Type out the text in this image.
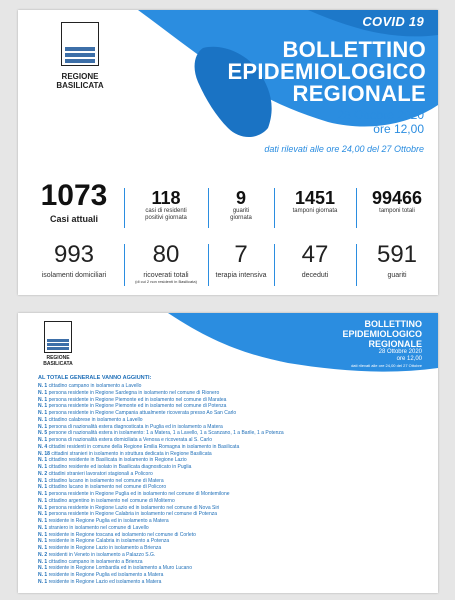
REGIONE
BASILICATA
COVID 19
BOLLETTINO
EPIDEMIOLOGICO
REGIONALE
28 Ottobre 2020
ore 12,00
dati rilevati alle ore 24,00 del 27 Ottobre
1073
Casi attuali
118
casi di residenti
positivi giornata
9
guariti
giornata
1451
tamponi giornata
99466
tamponi totali
993
isolamenti domiciliari
80
ricoverati totali
(di cui 2 non residenti in Basilicata)
7
terapia intensiva
47
deceduti
591
guariti
REGIONE
BASILICATA
BOLLETTINO
EPIDEMIOLOGICO
REGIONALE
28 Ottobre 2020
ore 12,00
dati rilevati alle ore 24,00 del 27 Ottobre
AL TOTALE GENERALE VANNO AGGIUNTI:
N. 1 cittadino campano in isolamento a Lavello
N. 1 persona residente in Regione Sardegna in isolamento nel comune di Rionero
N. 1 persona residente in Regione Piemonte ed in isolamento nel comune di Maratea
N. 1 persona residente in Regione Piemonte ed in isolamento nel comune di Potenza
N. 1 persona residente in Regione Campania attualmente ricoverata presso Ao San Carlo
N. 1 cittadino calabrese in isolamento a Lavello
N. 1 persona di nazionalità estera diagnosticata in Puglia ed in isolamento a Matera
N. 5 persone di nazionalità estera in isolamento: 1 a Matera, 1 a Lavello, 1 a Scanzano, 1 a Barile, 1 a Potenza
N. 1 persona di nazionalità estera domiciliata a Venosa e ricoverata al S. Carlo
N. 4 cittadini residenti in comune della Regione Emilia Romagna in isolamento in Basilicata
N. 18 cittadini stranieri in isolamento in struttura dedicata in Regione Basilicata
N. 1 cittadino residente in Basilicata in isolamento in Regione Lazio
N. 1 cittadino residente ed isolato in Basilicata diagnosticato in Puglia
N. 2 cittadini stranieri lavoratori stagionali a Policoro
N. 1 cittadino lucano in isolamento nel comune di Matera
N. 1 cittadino lucano in isolamento nel comune di Policoro
N. 1 persona residente in Regione Puglia ed in isolamento nel comune di Montemilone
N. 1 cittadino argentino in isolamento nel comune di Moliterno
N. 1 persona residente in Regione Lazio ed in isolamento nel comune di Nova Siri
N. 1 persona residente in Regione Calabria in isolamento nel comune di Potenza
N. 1 residente in Regione Puglia ed in isolamento a Matera
N. 1 straniero in isolamento nel comune di Lavello
N. 1 residente in Regione toscana ed isolamento nel comune di Corleto
N. 1 residente in Regione Calabria in isolamento a Potenza
N. 1 residente in Regione Lazio in isolamento a Brienza
N. 2 residenti in Veneto in isolamento a Palazzo S.G.
N. 1 cittadino campano in isolamento a Brienza
N. 1 residente in Regione Lombardia ed in isolamento a Muro Lucano
N. 1 residente in Regione Puglia ed isolamento a Matera
N. 1 residente in Regione Lazio ed isolamento a Matera
